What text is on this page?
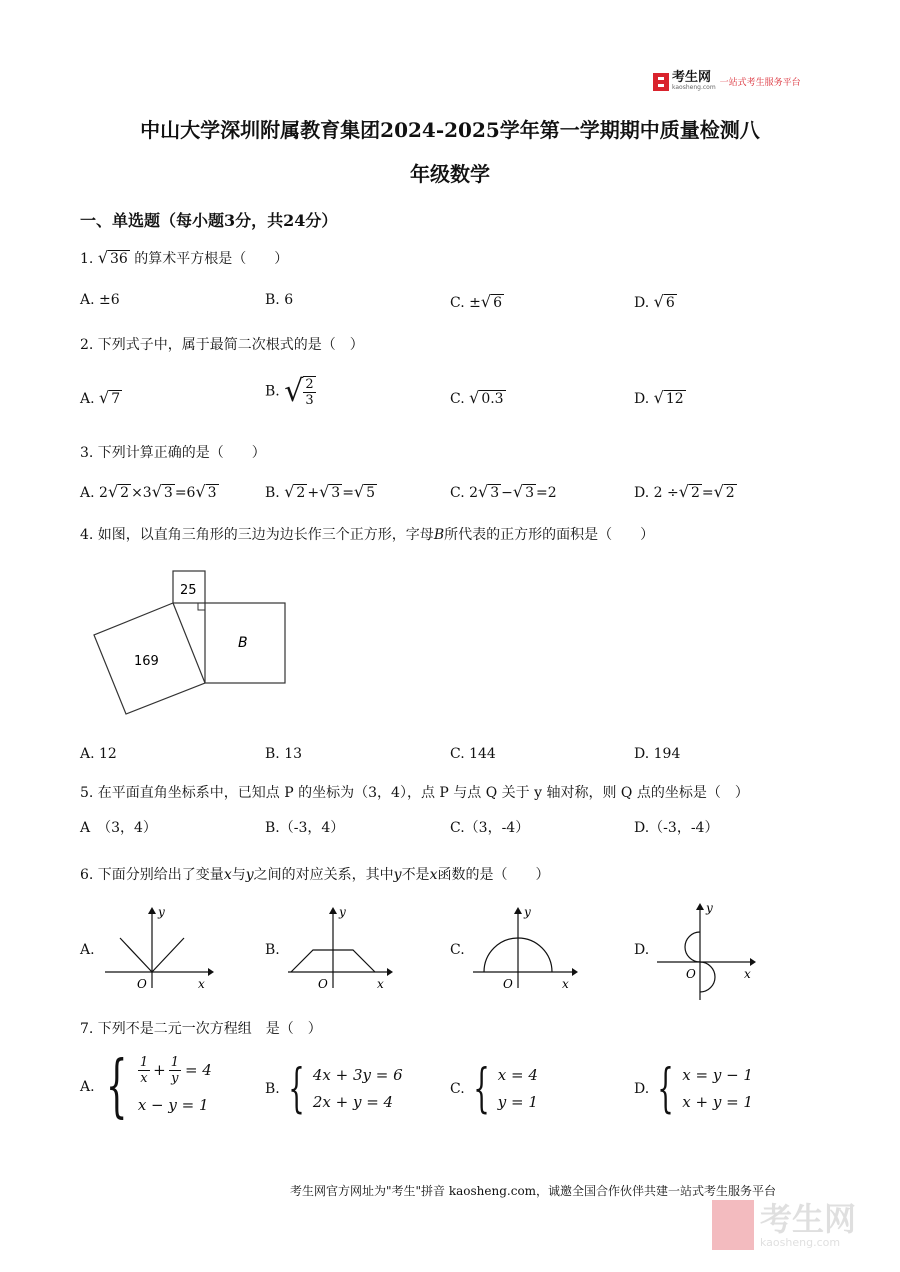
考生网
kaosheng.com 一站式考生服务平台
中山大学深圳附属教育集团2024-2025学年第一学期期中质量检测八
年级数学
一、单选题（每小题3分，共24分）
1. √ 36 的算术平方根是（　　）
A. ±6	B. 6	C. ±√ 6	D. √ 6
2. 下列式子中，属于最简二次根式的是（　）
A. √ 7	B. √ $\frac{2}{3}$	C. √ 0.3	D. √ 12
3. 下列计算正确的是（　　）
A. 2√ 2 ×3√ 3 =6√ 3	B. √ 2 +√ 3 =√ 5	C. 2√ 3 −√ 3 =2	D. 2 ÷√ 2 =√ 2
4. 如图，以直角三角形的三边为边长作三个正方形，字母B所代表的正方形的面积是（　　）
25
169
B
A. 12	B. 13	C. 144	D. 194
5. 在平面直角坐标系中，已知点 P 的坐标为（3，4），点 P 与点 Q 关于 y 轴对称，则 Q 点的坐标是（　）
A　（3，4）	B.（-3，4）	C.（3，-4）	D.（-3，-4）
6. 下面分别给出了变量x与y之间的对应关系，其中y不是x函数的是（　　）
A.
y
x
O
B.
y
x
O
C.
y
x
O
D.
y
x
O
7. 下列不是二元一次方程组　是（　）
A. { $\frac{1}{x} + \frac{1}{y} = 4$
x − y = 1
B. { 4x + 3y = 6
2x + y = 4
C. { x = 4
y = 1
D. { x = y − 1
x + y = 1
考生网官方网址为"考生"拼音 kaosheng.com，诚邀全国合作伙伴共建一站式考生服务平台
考生网
kaosheng.com
